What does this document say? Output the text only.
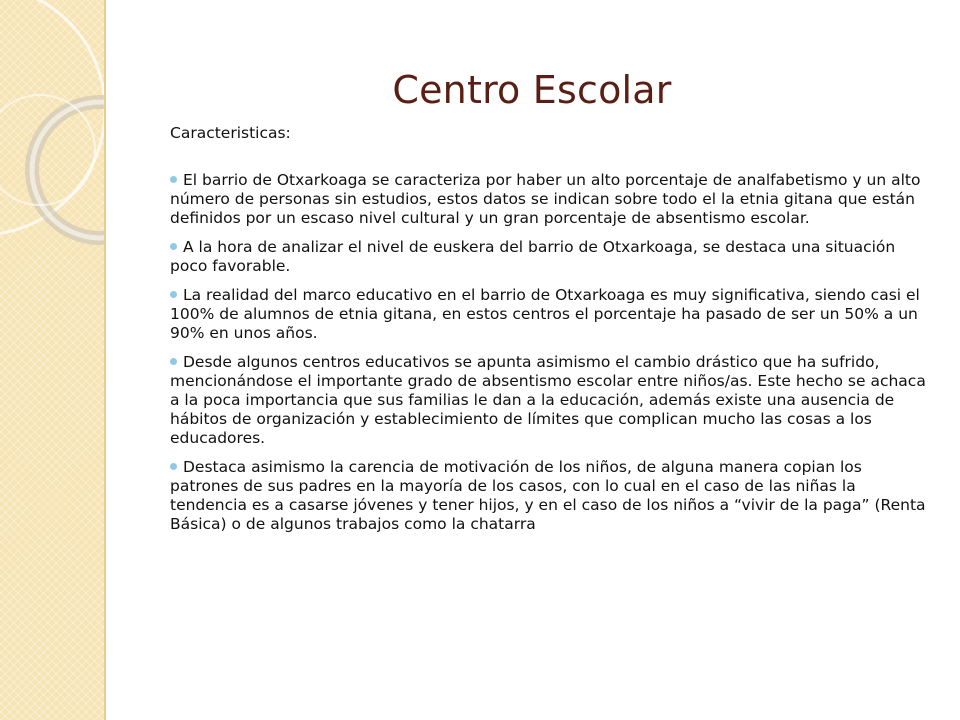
Centro Escolar

Caracteristicas:

El barrio de Otxarkoaga se caracteriza por haber un alto porcentaje de analfabetismo y un alto número de personas sin estudios, estos datos se indican sobre todo el la etnia gitana que están definidos por un escaso nivel cultural y un gran porcentaje de absentismo escolar.
A la hora de analizar el nivel de euskera del barrio de Otxarkoaga, se destaca una situación poco favorable.
La realidad del marco educativo en el barrio de Otxarkoaga es muy significativa, siendo casi el 100% de alumnos de etnia gitana, en estos centros el porcentaje ha pasado de ser un 50% a un 90% en unos años.
Desde algunos centros educativos se apunta asimismo el cambio drástico que ha sufrido, mencionándose el importante grado de absentismo escolar entre niños/as. Este hecho se achaca a la poca importancia que sus familias le dan a la educación, además existe una ausencia de hábitos de organización y establecimiento de límites que complican mucho las cosas a los educadores.
Destaca asimismo la carencia de motivación de los niños, de alguna manera copian los patrones de sus padres en la mayoría de los casos, con lo cual en el caso de las niñas la tendencia es a casarse jóvenes y tener hijos, y en el caso de los niños a “vivir de la paga” (Renta Básica) o de algunos trabajos como la chatarra
